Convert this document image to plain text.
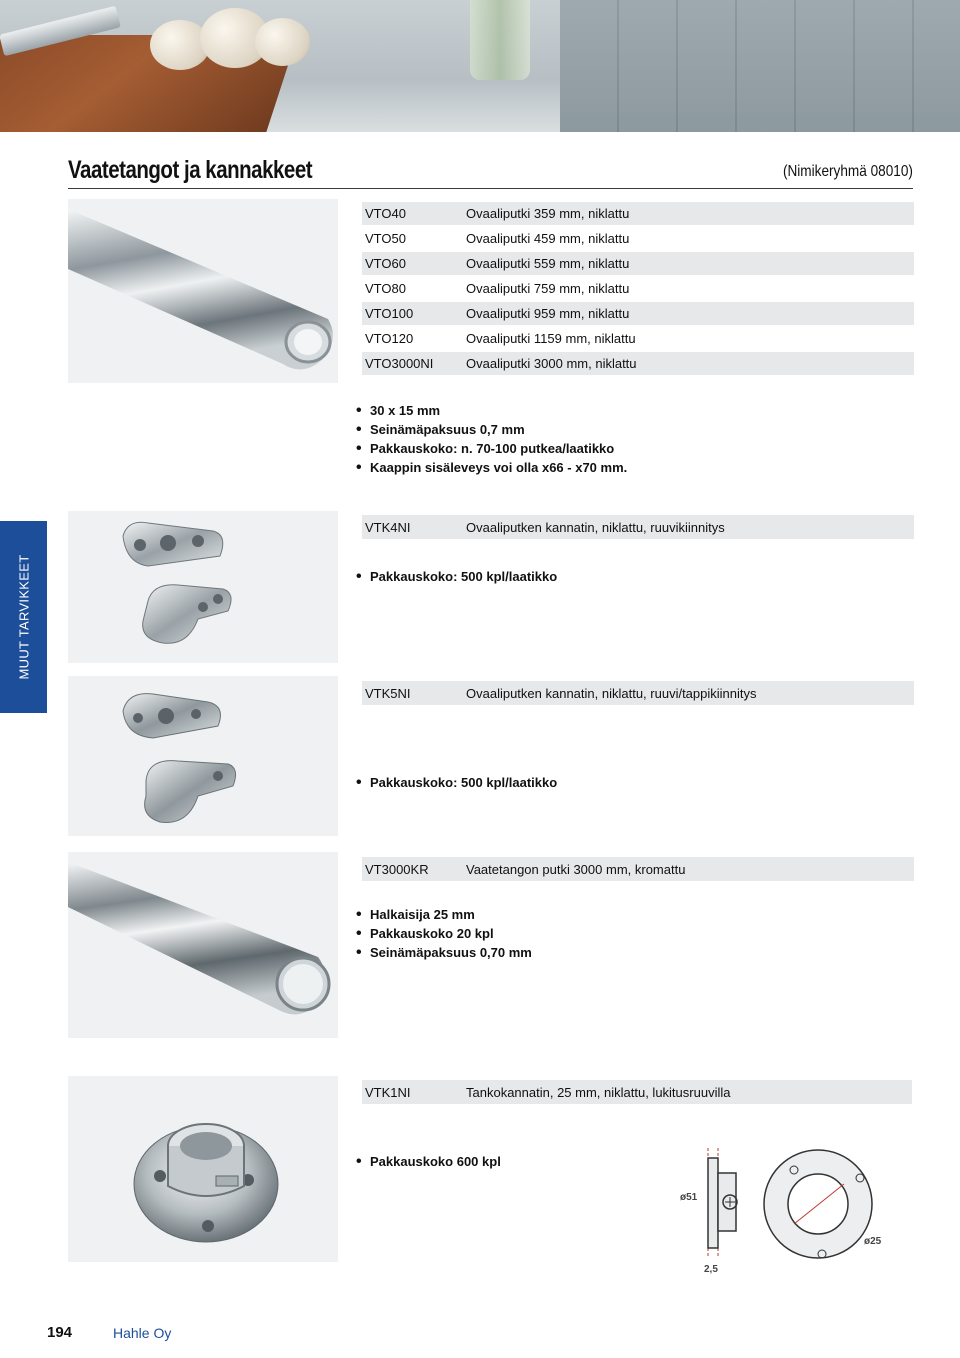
Vaatetangot ja kannakkeet	(Nimikeryhmä 08010)
VTO40	Ovaaliputki 359 mm, niklattu
VTO50	Ovaaliputki 459 mm, niklattu
VTO60	Ovaaliputki 559 mm, niklattu
VTO80	Ovaaliputki 759 mm, niklattu
VTO100	Ovaaliputki 959 mm, niklattu
VTO120	Ovaaliputki 1159 mm, niklattu
VTO3000NI	Ovaaliputki 3000 mm, niklattu
• 30 x 15 mm
• Seinämäpaksuus 0,7 mm
• Pakkauskoko: n. 70-100 putkea/laatikko
• Kaappin sisäleveys voi olla x66 - x70 mm.
MUUT TARVIKKEET
VTK4NI	Ovaaliputken kannatin, niklattu, ruuvikiinnitys
• Pakkauskoko: 500 kpl/laatikko
VTK5NI	Ovaaliputken kannatin, niklattu, ruuvi/tappikiinnitys
• Pakkauskoko: 500 kpl/laatikko
VT3000KR	Vaatetangon putki 3000 mm, kromattu
• Halkaisija 25 mm
• Pakkauskoko 20 kpl
• Seinämäpaksuus 0,70 mm
VTK1NI	Tankokannatin, 25 mm, niklattu, lukitusruuvilla
• Pakkauskoko 600 kpl
ø51
2,5
ø25
194	Hahle Oy
